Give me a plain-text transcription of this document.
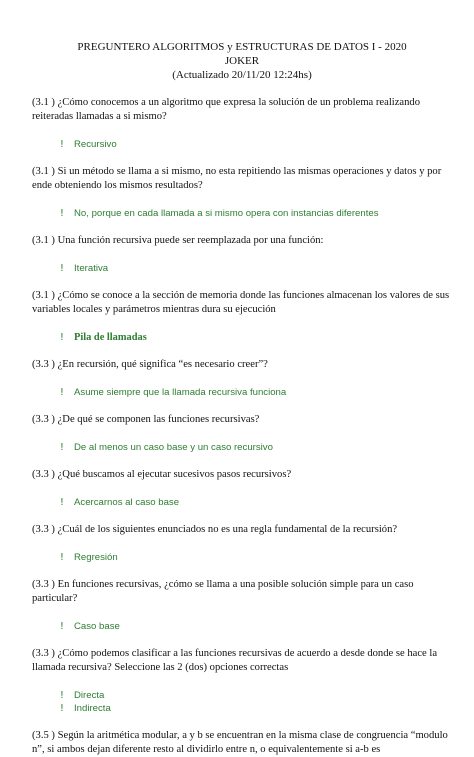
PREGUNTERO ALGORITMOS y ESTRUCTURAS DE DATOS I - 2020
JOKER
(Actualizado 20/11/20 12:24hs)

(3.1 ) ¿Cómo conocemos a un algoritmo que expresa la solución de un problema realizando reiteradas llamadas a si mismo?

!	Recursivo

(3.1 ) Si un método se llama a si mismo, no esta repitiendo las mismas operaciones y datos y por ende obteniendo los mismos resultados?

!	No, porque en cada llamada a si mismo opera con instancias diferentes

(3.1 ) Una función recursiva puede ser reemplazada por una función:

!	Iterativa

(3.1 ) ¿Cómo se conoce a la sección de memoria donde las funciones almacenan los valores de sus variables locales y parámetros mientras dura su ejecución

! Pila de llamadas

(3.3 ) ¿En recursión, qué significa “es necesario creer”?

!	Asume siempre que la llamada recursiva funciona

(3.3 ) ¿De qué se componen las funciones recursivas?

!	De al menos un caso base y un caso recursivo

(3.3 ) ¿Qué buscamos al ejecutar sucesivos pasos recursivos?

!	Acercarnos al caso base

(3.3 ) ¿Cuál de los siguientes enunciados no es una regla fundamental de la recursión?

!	Regresión

(3.3 ) En funciones recursivas, ¿cómo se llama a una posible solución simple para un caso particular?

!	Caso base

(3.3 ) ¿Cómo podemos clasificar a las funciones recursivas de acuerdo a desde donde se hace la llamada recursiva? Seleccione las 2 (dos) opciones correctas

!	Directa
!	Indirecta

(3.5 ) Según la aritmética modular, a y b se encuentran en la misma clase de congruencia “modulo n”, si ambos dejan diferente resto al dividirlo entre n, o equivalentemente si a-b es
